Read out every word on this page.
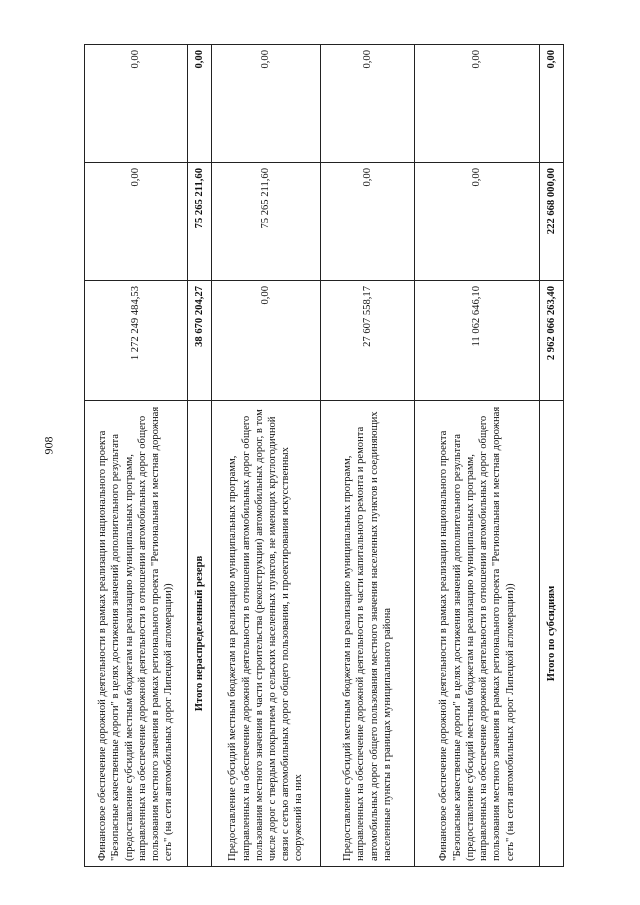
908	Финансовое обеспечение дорожной деятельности в рамках реализации национального проекта "Безопасные качественные дороги" в целях достижения значений дополнительного результата (предоставление субсидий местным бюджетам на реализацию муниципальных программ, направленных на обеспечение дорожной деятельности в отношении автомобильных дорог общего пользования местного значения в рамках регионального проекта "Региональная и местная дорожная сеть" (на сети автомобильных дорог Липецкой агломерации))	1 272 249 484,53	0,00	0,00
Итого нераспределенный резерв	38 670 204,27	75 265 211,60	0,00
Предоставление субсидий местным бюджетам на реализацию муниципальных программ, направленных на обеспечение дорожной деятельности в отношении автомобильных дорог общего пользования местного значения в части строительства (реконструкции) автомобильных дорог, в том числе дорог с твердым покрытием до сельских населенных пунктов, не имеющих круглогодичной связи с сетью автомобильных дорог общего пользования, и проектирования искусственных сооружений на них	0,00	75 265 211,60	0,00
Предоставление субсидий местным бюджетам на реализацию муниципальных программ, направленных на обеспечение дорожной деятельности в части капитального ремонта и ремонта автомобильных дорог общего пользования местного значения населенных пунктов и соединяющих населенные пункты в границах муниципального района	27 607 558,17	0,00	0,00
Финансовое обеспечение дорожной деятельности в рамках реализации национального проекта "Безопасные качественные дороги" в целях достижения значений дополнительного результата (предоставление субсидий местным бюджетам на реализацию муниципальных программ, направленных на обеспечение дорожной деятельности в отношении автомобильных дорог общего пользования местного значения в рамках регионального проекта "Региональная и местная дорожная сеть" (на сети автомобильных дорог Липецкой агломерации))	11 062 646,10	0,00	0,00
Итого по субсидиям	2 962 066 263,40	222 668 000,00	0,00
